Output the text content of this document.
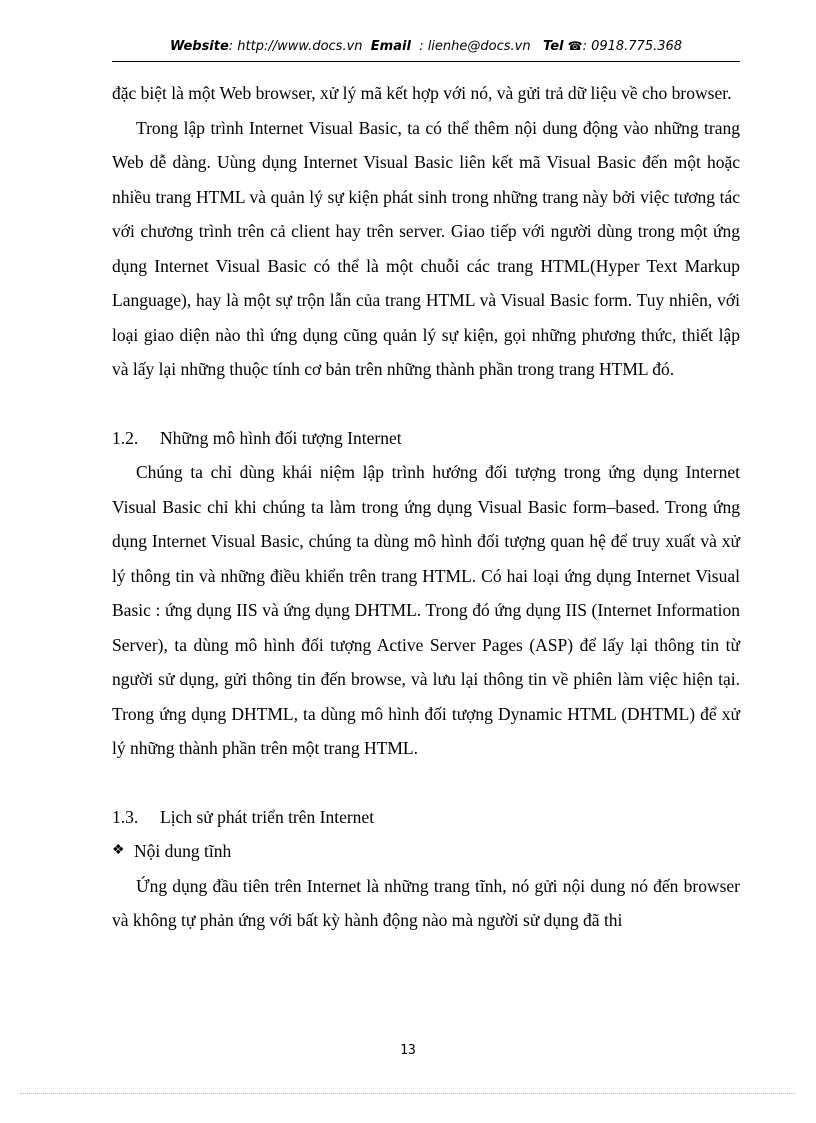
Website: http://www.docs.vn Email : lienhe@docs.vn Tel ☎: 0918.775.368

đặc biệt là một Web browser, xử lý mã kết hợp với nó, và gửi trả dữ liệu về cho browser.

Trong lập trình Internet Visual Basic, ta có thể thêm nội dung động vào những trang Web dễ dàng. Uùng dụng Internet Visual Basic liên kết mã Visual Basic đến một hoặc nhiều trang HTML và quản lý sự kiện phát sinh trong những trang này bởi việc tương tác với chương trình trên cả client hay trên server. Giao tiếp với người dùng trong một ứng dụng Internet Visual Basic có thể là một chuỗi các trang HTML(Hyper Text Markup Language), hay là một sự trộn lẫn của trang HTML và Visual Basic form. Tuy nhiên, với loại giao diện nào thì ứng dụng cũng quản lý sự kiện, gọi những phương thức, thiết lập và lấy lại những thuộc tính cơ bản trên những thành phần trong trang HTML đó.

1.2.	Những mô hình đối tượng Internet

Chúng ta chỉ dùng khái niệm lập trình hướng đối tượng trong ứng dụng Internet Visual Basic chỉ khi chúng ta làm trong ứng dụng Visual Basic form–based. Trong ứng dụng Internet Visual Basic, chúng ta dùng mô hình đối tượng quan hệ để truy xuất và xử lý thông tin và những điều khiển trên trang HTML. Có hai loại ứng dụng Internet Visual Basic : ứng dụng IIS và ứng dụng DHTML. Trong đó ứng dụng IIS (Internet Information Server), ta dùng mô hình đối tượng Active Server Pages (ASP) để lấy lại thông tin từ người sử dụng, gửi thông tin đến browse, và lưu lại thông tin về phiên làm việc hiện tại. Trong ứng dụng DHTML, ta dùng mô hình đối tượng Dynamic HTML (DHTML) để xử lý những thành phần trên một trang HTML.

1.3.	Lịch sử phát triển trên Internet

❖ Nội dung tĩnh

Ứng dụng đầu tiên trên Internet là những trang tĩnh, nó gửi nội dung nó đến browser và không tự phản ứng với bất kỳ hành động nào mà người sử dụng đã thi

13
